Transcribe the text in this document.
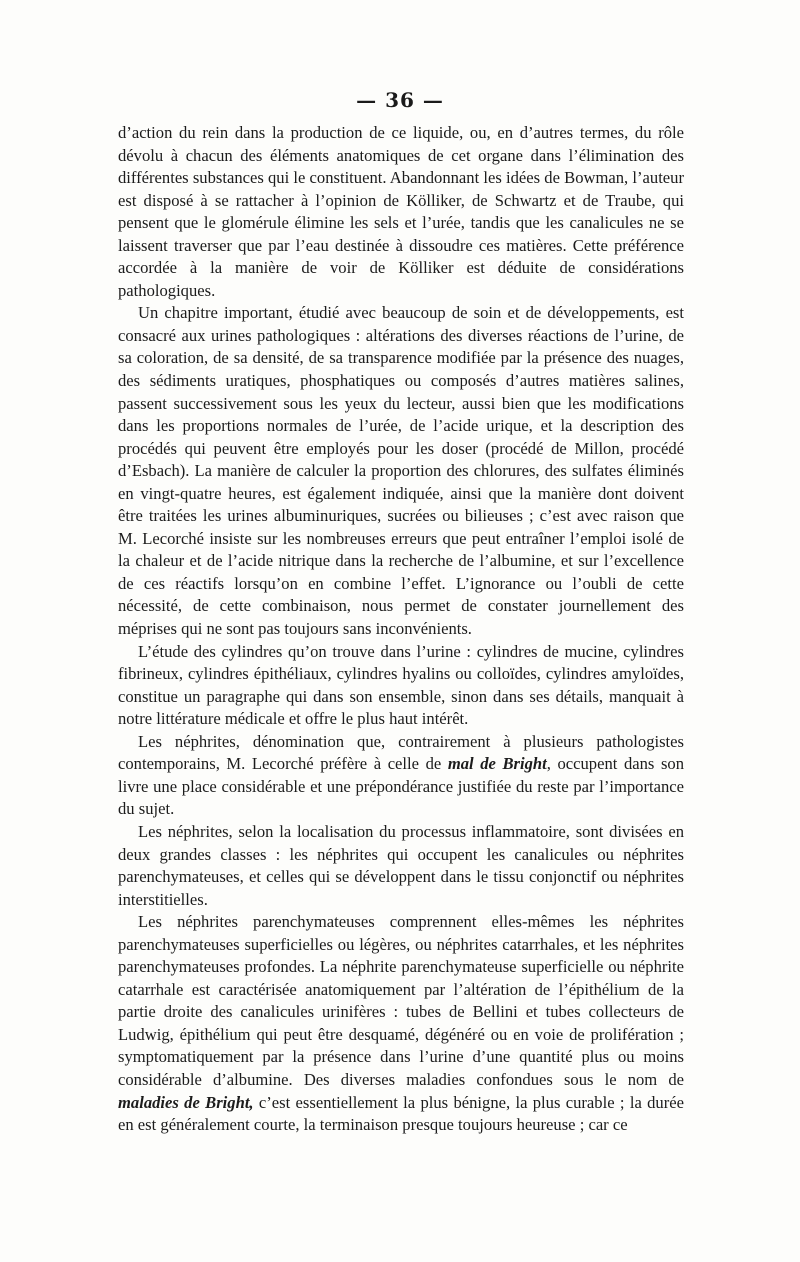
— 36 —

d’action du rein dans la production de ce liquide, ou, en d’autres termes, du rôle dévolu à chacun des éléments anatomiques de cet organe dans l’élimination des différentes substances qui le constituent. Abandonnant les idées de Bowman, l’auteur est disposé à se rattacher à l’opinion de Kölliker, de Schwartz et de Traube, qui pensent que le glomérule élimine les sels et l’urée, tandis que les canalicules ne se laissent traverser que par l’eau destinée à dissoudre ces matières. Cette préférence accordée à la manière de voir de Kölliker est déduite de considérations pathologiques.

Un chapitre important, étudié avec beaucoup de soin et de développements, est consacré aux urines pathologiques : altérations des diverses réactions de l’urine, de sa coloration, de sa densité, de sa transparence modifiée par la présence des nuages, des sédiments uratiques, phosphatiques ou composés d’autres matières salines, passent successivement sous les yeux du lecteur, aussi bien que les modifications dans les proportions normales de l’urée, de l’acide urique, et la description des procédés qui peuvent être employés pour les doser (procédé de Millon, procédé d’Esbach). La manière de calculer la proportion des chlorures, des sulfates éliminés en vingt-quatre heures, est également indiquée, ainsi que la manière dont doivent être traitées les urines albuminuriques, sucrées ou bilieuses ; c’est avec raison que M. Lecorché insiste sur les nombreuses erreurs que peut entraîner l’emploi isolé de la chaleur et de l’acide nitrique dans la recherche de l’albumine, et sur l’excellence de ces réactifs lorsqu’on en combine l’effet. L’ignorance ou l’oubli de cette nécessité, de cette combinaison, nous permet de constater journellement des méprises qui ne sont pas toujours sans inconvénients.

L’étude des cylindres qu’on trouve dans l’urine : cylindres de mucine, cylindres fibrineux, cylindres épithéliaux, cylindres hyalins ou colloïdes, cylindres amyloïdes, constitue un paragraphe qui dans son ensemble, sinon dans ses détails, manquait à notre littérature médicale et offre le plus haut intérêt.

Les néphrites, dénomination que, contrairement à plusieurs pathologistes contemporains, M. Lecorché préfère à celle de mal de Bright, occupent dans son livre une place considérable et une prépondérance justifiée du reste par l’importance du sujet.

Les néphrites, selon la localisation du processus inflammatoire, sont divisées en deux grandes classes : les néphrites qui occupent les canalicules ou néphrites parenchymateuses, et celles qui se développent dans le tissu conjonctif ou néphrites interstitielles.

Les néphrites parenchymateuses comprennent elles-mêmes les néphrites parenchymateuses superficielles ou légères, ou néphrites catarrhales, et les néphrites parenchymateuses profondes. La néphrite parenchymateuse superficielle ou néphrite catarrhale est caractérisée anatomiquement par l’altération de l’épithélium de la partie droite des canalicules urinifères : tubes de Bellini et tubes collecteurs de Ludwig, épithélium qui peut être desquamé, dégénéré ou en voie de prolifération ; symptomatiquement par la présence dans l’urine d’une quantité plus ou moins considérable d’albumine. Des diverses maladies confondues sous le nom de maladies de Bright, c’est essentiellement la plus bénigne, la plus curable ; la durée en est généralement courte, la terminaison presque toujours heureuse ; car ce
